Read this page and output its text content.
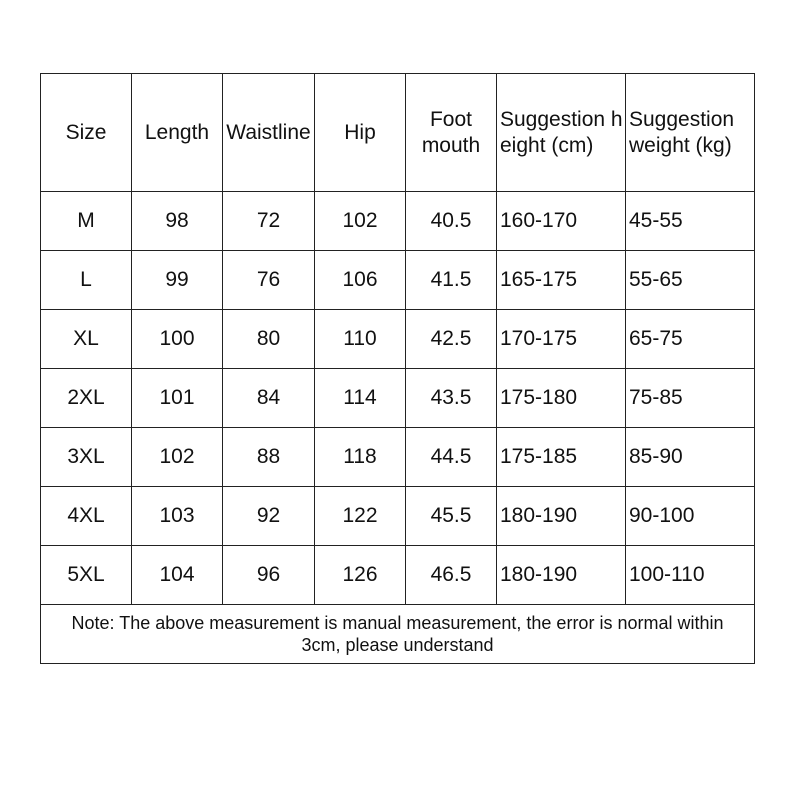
Size	Length	Waistline	Hip	Foot mouth	Suggestion height (cm)	Suggestion weight (kg)
M	98	72	102	40.5	160-170	45-55
L	99	76	106	41.5	165-175	55-65
XL	100	80	110	42.5	170-175	65-75
2XL	101	84	114	43.5	175-180	75-85
3XL	102	88	118	44.5	175-185	85-90
4XL	103	92	122	45.5	180-190	90-100
5XL	104	96	126	46.5	180-190	100-110
Note: The above measurement is manual measurement, the error is normal within 3cm, please understand						
